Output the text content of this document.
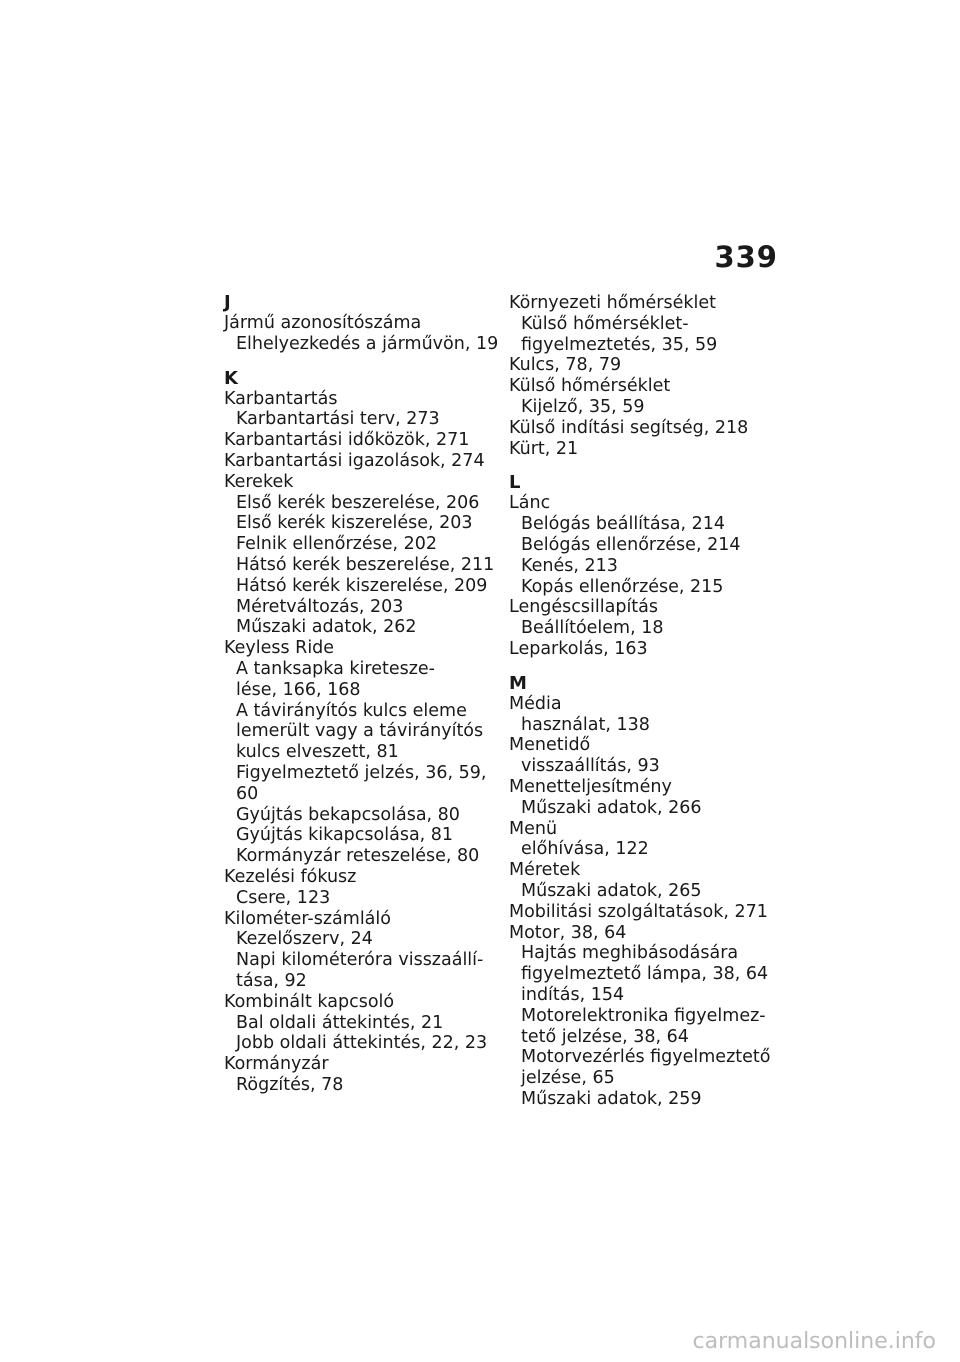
339
J
Jármű azonosítószáma
Elhelyezkedés a járművön, 19
K
Karbantartás
Karbantartási terv, 273
Karbantartási időközök, 271
Karbantartási igazolások, 274
Kerekek
Első kerék beszerelése, 206
Első kerék kiszerelése, 203
Felnik ellenőrzése, 202
Hátsó kerék beszerelése, 211
Hátsó kerék kiszerelése, 209
Méretváltozás, 203
Műszaki adatok, 262
Keyless Ride
A tanksapka kiretesze-
lése, 166, 168
A távirányítós kulcs eleme
lemerült vagy a távirányítós
kulcs elveszett, 81
Figyelmeztető jelzés, 36, 59,
60
Gyújtás bekapcsolása, 80
Gyújtás kikapcsolása, 81
Kormányzár reteszelése, 80
Kezelési fókusz
Csere, 123
Kilométer-számláló
Kezelőszerv, 24
Napi kilométeróra visszaállí-
tása, 92
Kombinált kapcsoló
Bal oldali áttekintés, 21
Jobb oldali áttekintés, 22, 23
Kormányzár
Rögzítés, 78
Környezeti hőmérséklet
Külső hőmérséklet-
figyelmeztetés, 35, 59
Kulcs, 78, 79
Külső hőmérséklet
Kijelző, 35, 59
Külső indítási segítség, 218
Kürt, 21
L
Lánc
Belógás beállítása, 214
Belógás ellenőrzése, 214
Kenés, 213
Kopás ellenőrzése, 215
Lengéscsillapítás
Beállítóelem, 18
Leparkolás, 163
M
Média
használat, 138
Menetidő
visszaállítás, 93
Menetteljesítmény
Műszaki adatok, 266
Menü
előhívása, 122
Méretek
Műszaki adatok, 265
Mobilitási szolgáltatások, 271
Motor, 38, 64
Hajtás meghibásodására
figyelmeztető lámpa, 38, 64
indítás, 154
Motorelektronika figyelmez-
tető jelzése, 38, 64
Motorvezérlés figyelmeztető
jelzése, 65
Műszaki adatok, 259
carmanualsonline.info
